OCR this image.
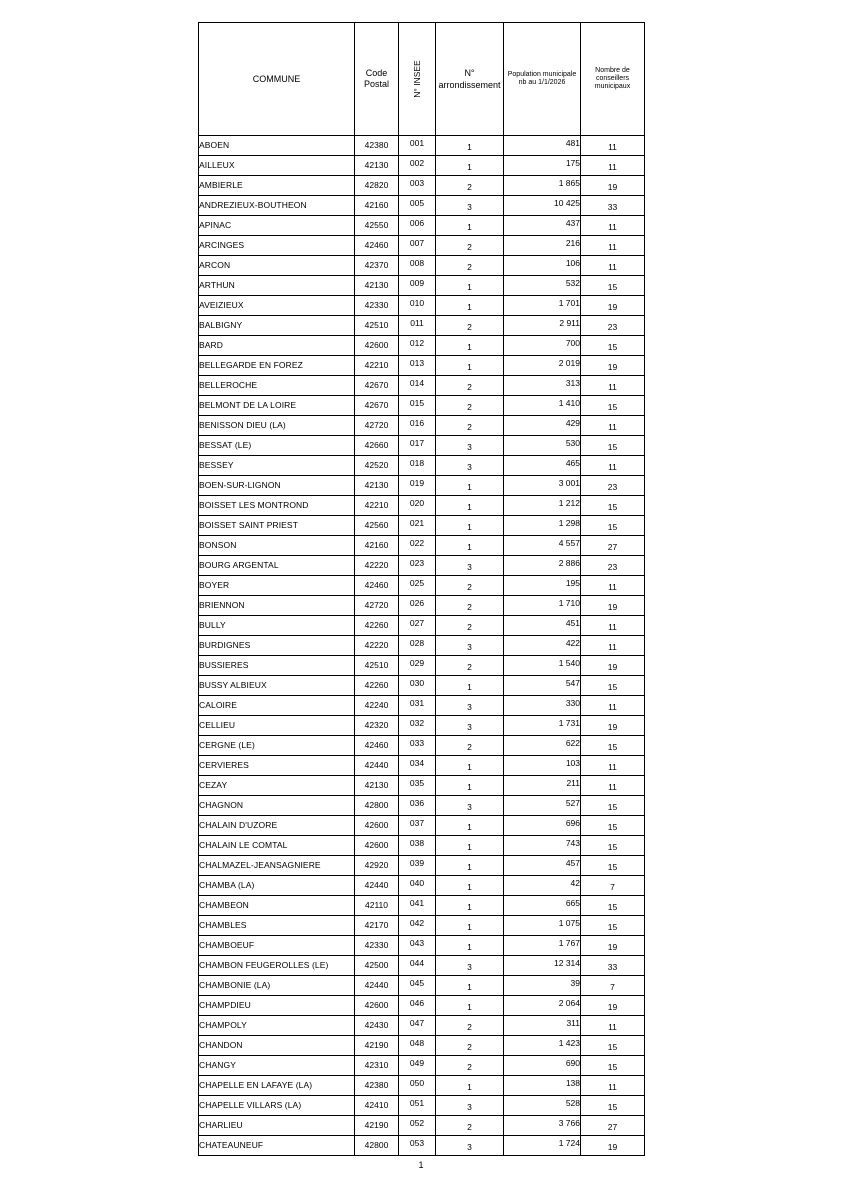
COMMUNE	Code Postal	N° INSEE	N° arrondissement	Population municipale nb au 1/1/2026	Nombre de conseillers municipaux
ABOEN	42380	001	1	481	11
AILLEUX	42130	002	1	175	11
AMBIERLE	42820	003	2	1 865	19
ANDREZIEUX-BOUTHEON	42160	005	3	10 425	33
APINAC	42550	006	1	437	11
ARCINGES	42460	007	2	216	11
ARCON	42370	008	2	106	11
ARTHUN	42130	009	1	532	15
AVEIZIEUX	42330	010	1	1 701	19
BALBIGNY	42510	011	2	2 911	23
BARD	42600	012	1	700	15
BELLEGARDE EN FOREZ	42210	013	1	2 019	19
BELLEROCHE	42670	014	2	313	11
BELMONT DE LA LOIRE	42670	015	2	1 410	15
BENISSON DIEU (LA)	42720	016	2	429	11
BESSAT (LE)	42660	017	3	530	15
BESSEY	42520	018	3	465	11
BOEN-SUR-LIGNON	42130	019	1	3 001	23
BOISSET LES MONTROND	42210	020	1	1 212	15
BOISSET SAINT PRIEST	42560	021	1	1 298	15
BONSON	42160	022	1	4 557	27
BOURG ARGENTAL	42220	023	3	2 886	23
BOYER	42460	025	2	195	11
BRIENNON	42720	026	2	1 710	19
BULLY	42260	027	2	451	11
BURDIGNES	42220	028	3	422	11
BUSSIERES	42510	029	2	1 540	19
BUSSY ALBIEUX	42260	030	1	547	15
CALOIRE	42240	031	3	330	11
CELLIEU	42320	032	3	1 731	19
CERGNE (LE)	42460	033	2	622	15
CERVIERES	42440	034	1	103	11
CEZAY	42130	035	1	211	11
CHAGNON	42800	036	3	527	15
CHALAIN D'UZORE	42600	037	1	696	15
CHALAIN LE COMTAL	42600	038	1	743	15
CHALMAZEL-JEANSAGNIERE	42920	039	1	457	15
CHAMBA (LA)	42440	040	1	42	7
CHAMBEON	42110	041	1	665	15
CHAMBLES	42170	042	1	1 075	15
CHAMBOEUF	42330	043	1	1 767	19
CHAMBON FEUGEROLLES (LE)	42500	044	3	12 314	33
CHAMBONIE (LA)	42440	045	1	39	7
CHAMPDIEU	42600	046	1	2 064	19
CHAMPOLY	42430	047	2	311	11
CHANDON	42190	048	2	1 423	15
CHANGY	42310	049	2	690	15
CHAPELLE EN LAFAYE (LA)	42380	050	1	138	11
CHAPELLE VILLARS (LA)	42410	051	3	528	15
CHARLIEU	42190	052	2	3 766	27
CHATEAUNEUF	42800	053	3	1 724	19
1
